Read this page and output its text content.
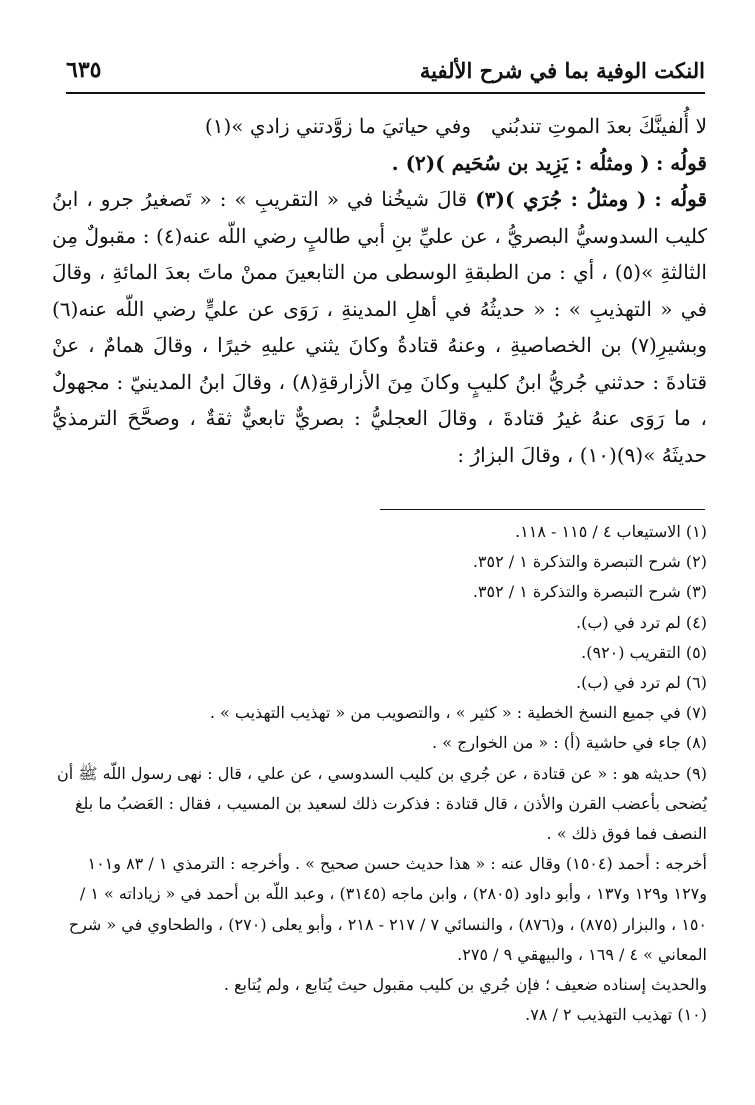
النكت الوفية بما في شرح الألفية
٦٣٥

لا أُلفينَّكَ بعدَ الموتِ تندبُنيوفي حياتيَ ما زوَّدتني زادي »(١)

قولُه : ( ومثلُه : يَزِيد بن سُحَيم )(٢) .

قولُه : ( ومثلُ : جُرَي )(٣) قالَ شيخُنا في « التقريبِ » : « تَصغيرُ جرو ، ابنُ كليب السدوسيُّ البصريُّ ، عن عليِّ بنِ أبي طالبٍ رضي اللّه عنه(٤) : مقبولٌ مِن الثالثةِ »(٥) ، أي : من الطبقةِ الوسطى من التابعينَ ممنْ ماتَ بعدَ المائةِ ، وقالَ في « التهذيبِ » : « حديثُهُ في أهلِ المدينةِ ، رَوَى عن عليٍّ رضي اللّه عنه(٦) وبشيرِ(٧) بن الخصاصيةِ ، وعنهُ قتادةُ وكانَ يثني عليهِ خيرًا ، وقالَ همامٌ ، عنْ قتادةَ : حدثني جُريُّ ابنُ كليبٍ وكانَ مِنَ الأزارقةِ(٨) ، وقالَ ابنُ المدينيّ : مجهولٌ ، ما رَوَى عنهُ غيرُ قتادةَ ، وقالَ العجليُّ : بصريٌّ تابعيٌّ ثقةٌ ، وصحَّحَ الترمذيُّ حديثَهُ »(٩)(١٠) ، وقالَ البزارُ :

(١) الاستيعاب ٤ / ١١٥ - ١١٨.

(٢) شرح التبصرة والتذكرة ١ / ٣٥٢.

(٣) شرح التبصرة والتذكرة ١ / ٣٥٢.

(٤) لم ترد في (ب).

(٥) التقريب (٩٢٠).

(٦) لم ترد في (ب).

(٧) في جميع النسخ الخطية : « كثير » ، والتصويب من « تهذيب التهذيب » .

(٨) جاء في حاشية (أ) : « من الخوارج » .

(٩) حديثه هو : « عن قتادة ، عن جُري بن كليب السدوسي ، عن علي ، قال : نهى رسول اللّه ﷺ أن يُضحى بأعضب القرن والأذن ، قال قتادة : فذكرت ذلك لسعيد بن المسيب ، فقال : العَضبُ ما بلغ النصف فما فوق ذلك » .

أخرجه : أحمد (١٥٠٤) وقال عنه : « هذا حديث حسن صحيح » . وأخرجه : الترمذي ١ / ٨٣ و١٠١ و١٢٧ و١٢٩ و١٣٧ ، وأبو داود (٢٨٠٥) ، وابن ماجه (٣١٤٥) ، وعبد اللّه بن أحمد في « زياداته » ١ / ١٥٠ ، والبزار (٨٧٥) ، و(٨٧٦) ، والنسائي ٧ / ٢١٧ - ٢١٨ ، وأبو يعلى (٢٧٠) ، والطحاوي في « شرح المعاني » ٤ / ١٦٩ ، والبيهقي ٩ / ٢٧٥.

والحديث إسناده ضعيف ؛ فإن جُري بن كليب مقبول حيث يُتابع ، ولم يُتابع .

(١٠) تهذيب التهذيب ٢ / ٧٨.
